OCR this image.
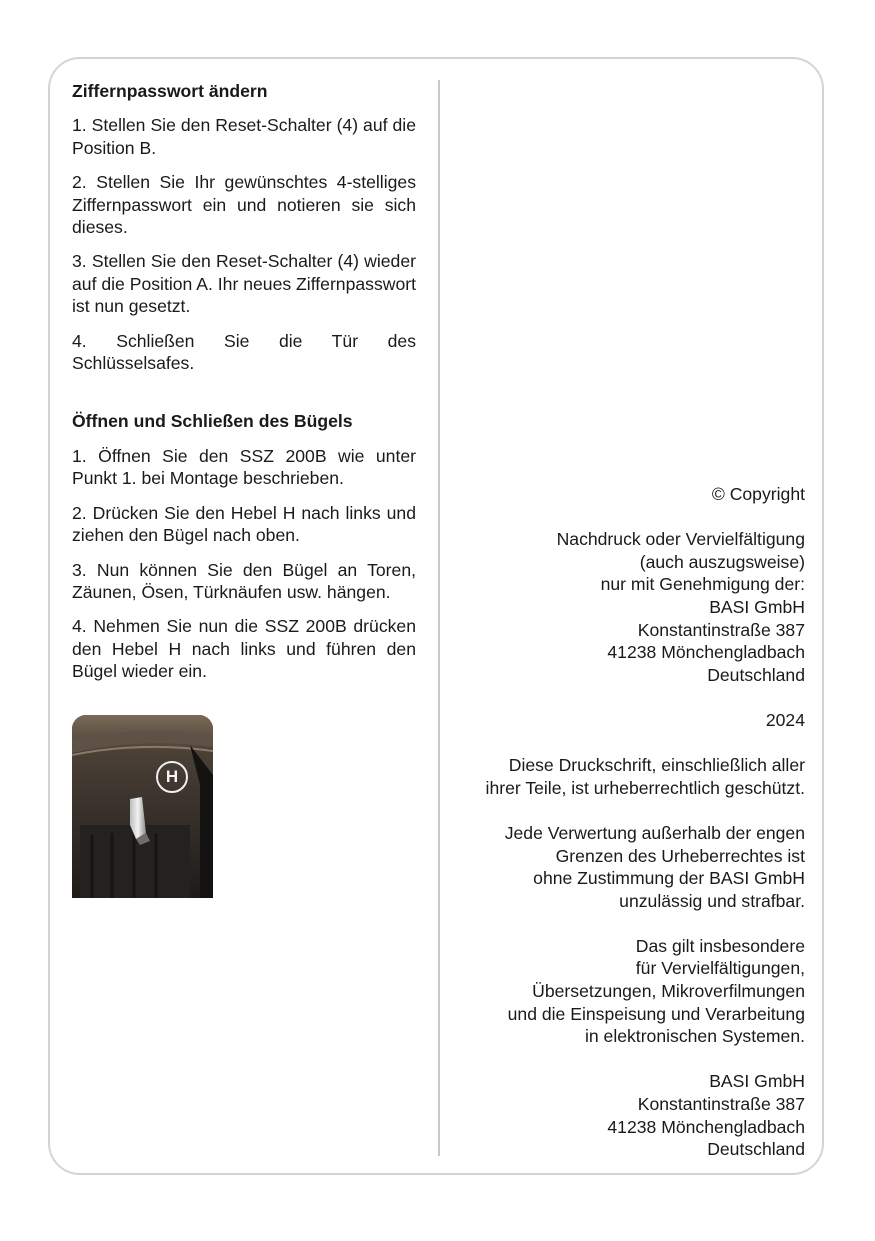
Ziffernpasswort ändern
1. Stellen Sie den Reset-Schalter (4) auf die Position B.
2. Stellen Sie Ihr gewünschtes 4-stelliges Ziffernpasswort ein und notieren sie sich dieses.
3. Stellen Sie den Reset-Schalter (4) wieder auf die Position A. Ihr neues Ziffernpasswort ist nun gesetzt.
4. Schließen Sie die Tür des Schlüsselsafes.
Öffnen und Schließen des Bügels
1. Öffnen Sie den SSZ 200B wie unter Punkt 1. bei Montage beschrieben.
2. Drücken Sie den Hebel H nach links und ziehen den Bügel nach oben.
3. Nun können Sie den Bügel an Toren, Zäunen, Ösen, Türknäufen usw. hängen.
4. Nehmen Sie nun die SSZ 200B drücken den Hebel H nach links und führen den Bügel wieder ein.
H

© Copyright

Nachdruck oder Vervielfältigung
(auch auszugsweise)
nur mit Genehmigung der:
BASI GmbH
Konstantinstraße 387
41238 Mönchengladbach
Deutschland

2024

Diese Druckschrift, einschließlich aller
ihrer Teile, ist urheberrechtlich geschützt.

Jede Verwertung außerhalb der engen
Grenzen des Urheberrechtes ist
ohne Zustimmung der BASI GmbH
unzulässig und strafbar.

Das gilt insbesondere
für Vervielfältigungen,
Übersetzungen, Mikroverfilmungen
und die Einspeisung und Verarbeitung
in elektronischen Systemen.

BASI GmbH
Konstantinstraße 387
41238 Mönchengladbach
Deutschland
